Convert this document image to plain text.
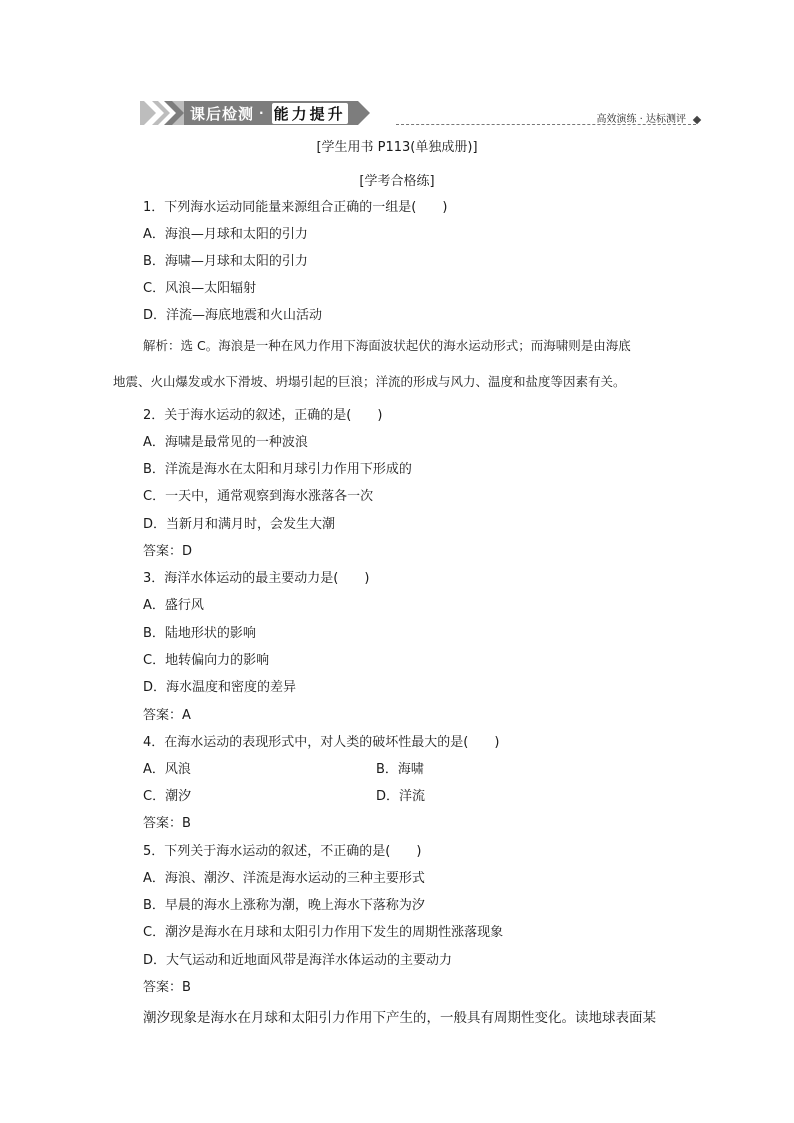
课后检测 · 能力提升	高效演练 · 达标测评
[学生用书 P113(单独成册)]
[学考合格练]
1．下列海水运动同能量来源组合正确的一组是(　　)
A．海浪—月球和太阳的引力
B．海啸—月球和太阳的引力
C．风浪—太阳辐射
D．洋流—海底地震和火山活动
解析：选 C。海浪是一种在风力作用下海面波状起伏的海水运动形式；而海啸则是由海底
地震、火山爆发或水下滑坡、坍塌引起的巨浪；洋流的形成与风力、温度和盐度等因素有关。
2．关于海水运动的叙述，正确的是(　　)
A．海啸是最常见的一种波浪
B．洋流是海水在太阳和月球引力作用下形成的
C．一天中，通常观察到海水涨落各一次
D．当新月和满月时，会发生大潮
答案：D
3．海洋水体运动的最主要动力是(　　)
A．盛行风
B．陆地形状的影响
C．地转偏向力的影响
D．海水温度和密度的差异
答案：A
4．在海水运动的表现形式中，对人类的破坏性最大的是(　　)
A．风浪	B．海啸
C．潮汐	D．洋流
答案：B
5．下列关于海水运动的叙述，不正确的是(　　)
A．海浪、潮汐、洋流是海水运动的三种主要形式
B．早晨的海水上涨称为潮，晚上海水下落称为汐
C．潮汐是海水在月球和太阳引力作用下发生的周期性涨落现象
D．大气运动和近地面风带是海洋水体运动的主要动力
答案：B
潮汐现象是海水在月球和太阳引力作用下产生的，一般具有周期性变化。读地球表面某
